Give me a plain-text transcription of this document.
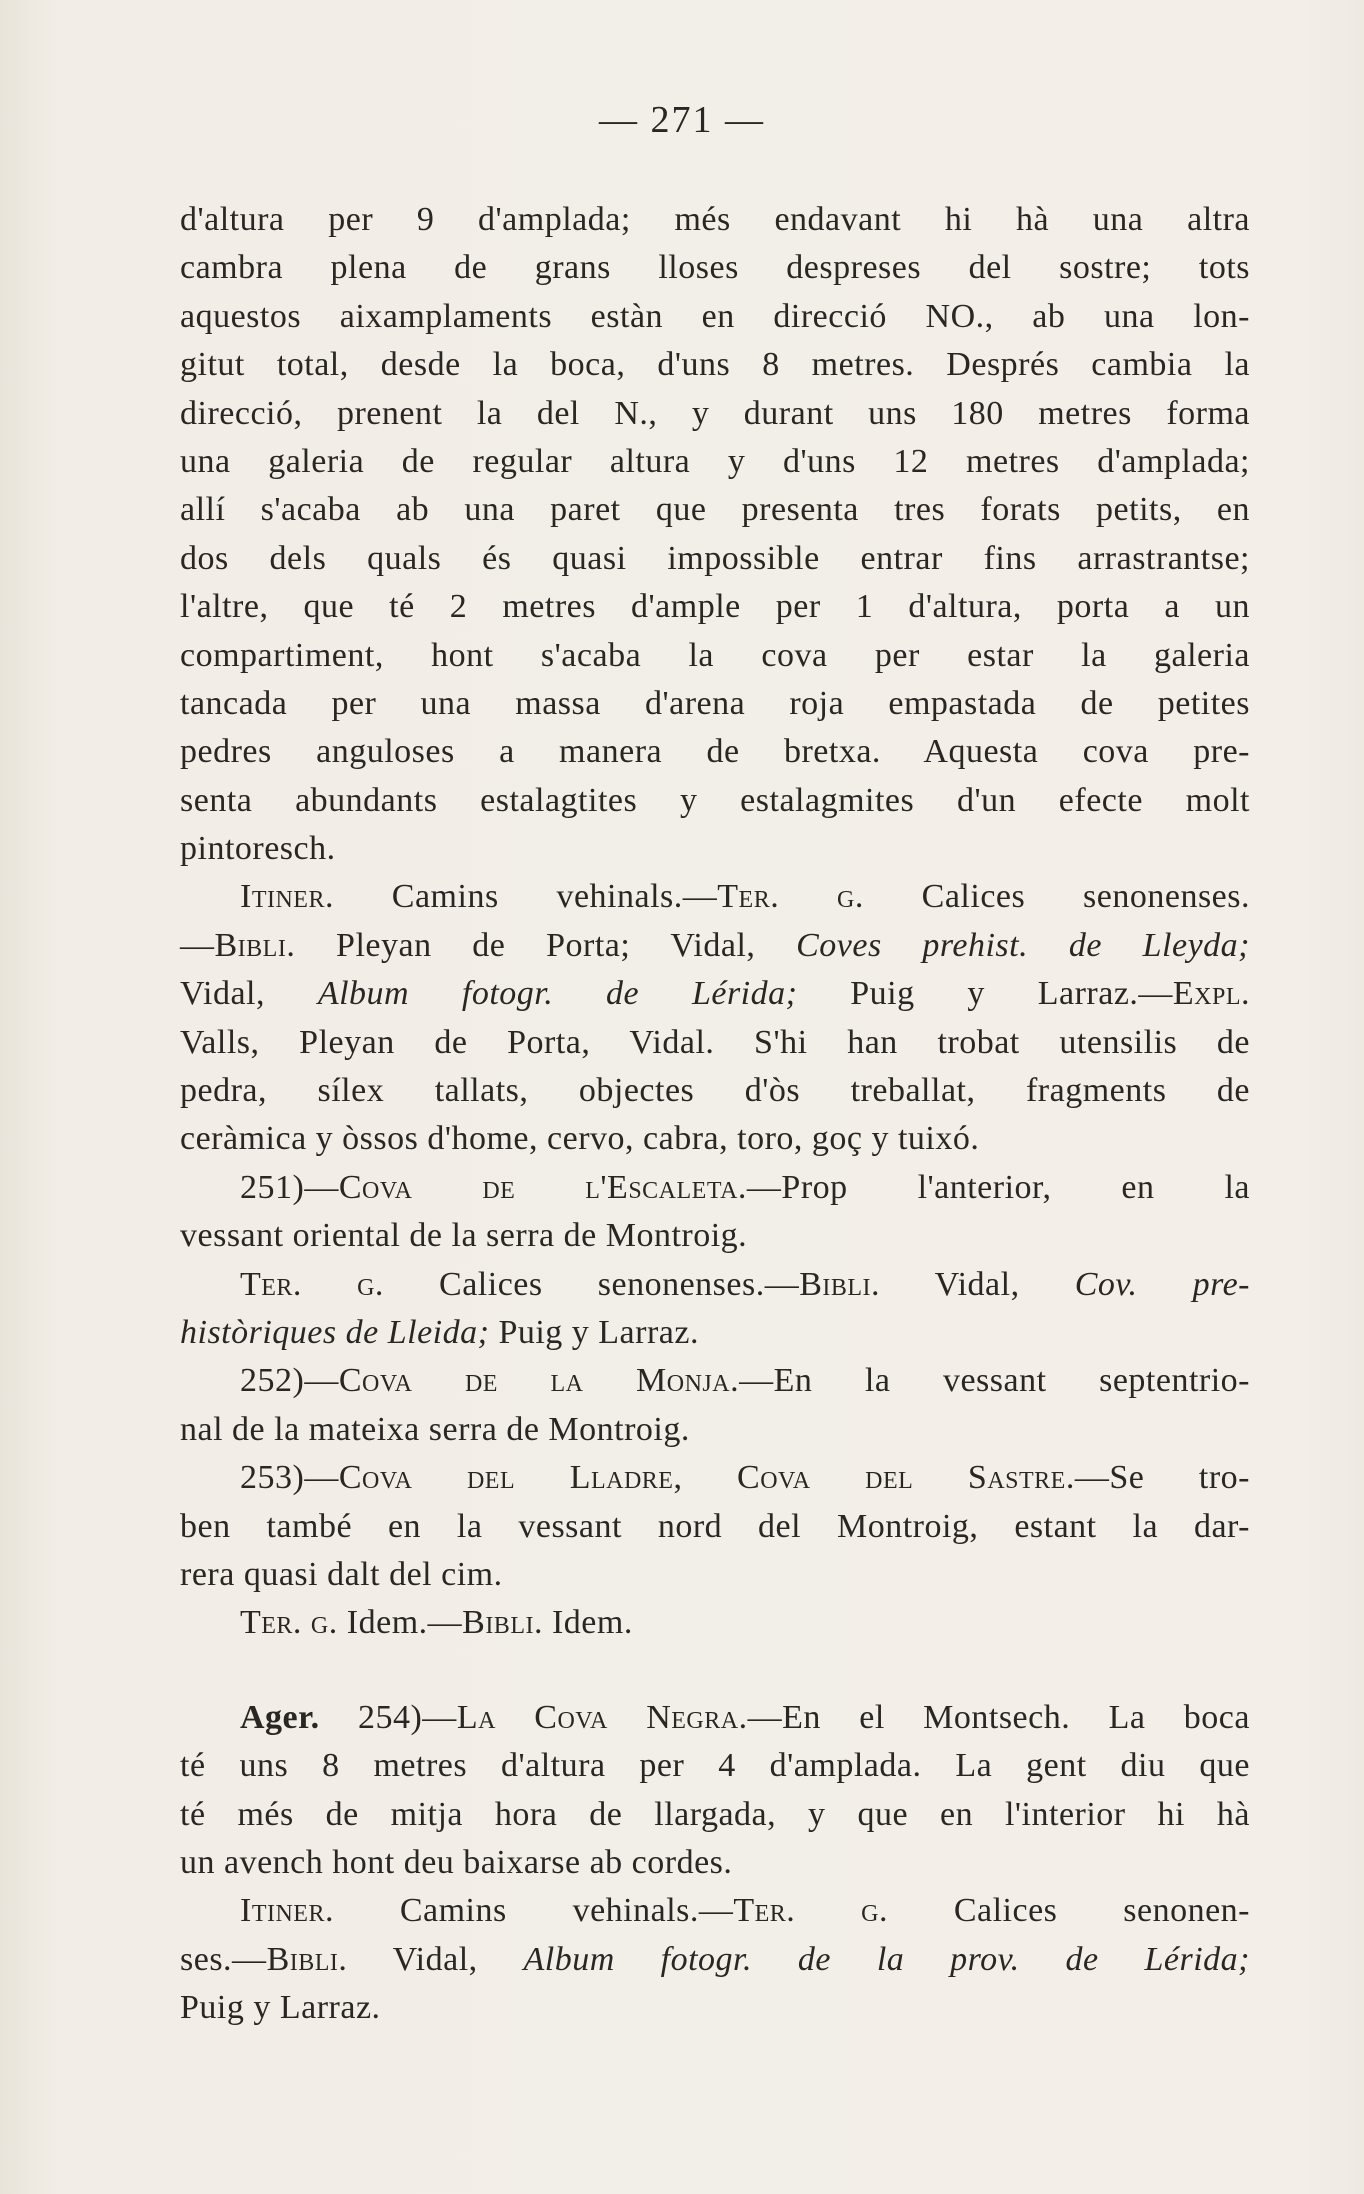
— 271 —
d'altura per 9 d'amplada; més endavant hi hà una altra
cambra plena de grans lloses despreses del sostre; tots
aquestos aixamplaments estàn en direcció NO., ab una lon-
gitut total, desde la boca, d'uns 8 metres. Després cambia la
direcció, prenent la del N., y durant uns 180 metres forma
una galeria de regular altura y d'uns 12 metres d'amplada;
allí s'acaba ab una paret que presenta tres forats petits, en
dos dels quals és quasi impossible entrar fins arrastrantse;
l'altre, que té 2 metres d'ample per 1 d'altura, porta a un
compartiment, hont s'acaba la cova per estar la galeria
tancada per una massa d'arena roja empastada de petites
pedres anguloses a manera de bretxa. Aquesta cova pre-
senta abundants estalagtites y estalagmites d'un efecte molt
pintoresch.
Itiner. Camins vehinals.—Ter. g. Calices senonenses.
—Bibli. Pleyan de Porta; Vidal, Coves prehist. de Lleyda;
Vidal, Album fotogr. de Lérida; Puig y Larraz.—Expl.
Valls, Pleyan de Porta, Vidal. S'hi han trobat utensilis de
pedra, sílex tallats, objectes d'òs treballat, fragments de
ceràmica y òssos d'home, cervo, cabra, toro, goç y tuixó.
251)—Cova de l'Escaleta.—Prop l'anterior, en la
vessant oriental de la serra de Montroig.
Ter. g. Calices senonenses.—Bibli. Vidal, Cov. pre-
històriques de Lleida; Puig y Larraz.
252)—Cova de la Monja.—En la vessant septentrio-
nal de la mateixa serra de Montroig.
253)—Cova del Lladre, Cova del Sastre.—Se tro-
ben també en la vessant nord del Montroig, estant la dar-
rera quasi dalt del cim.
Ter. g. Idem.—Bibli. Idem.
Ager. 254)—La Cova Negra.—En el Montsech. La boca
té uns 8 metres d'altura per 4 d'amplada. La gent diu que
té més de mitja hora de llargada, y que en l'interior hi hà
un avench hont deu baixarse ab cordes.
Itiner. Camins vehinals.—Ter. g. Calices senonen-
ses.—Bibli. Vidal, Album fotogr. de la prov. de Lérida;
Puig y Larraz.
